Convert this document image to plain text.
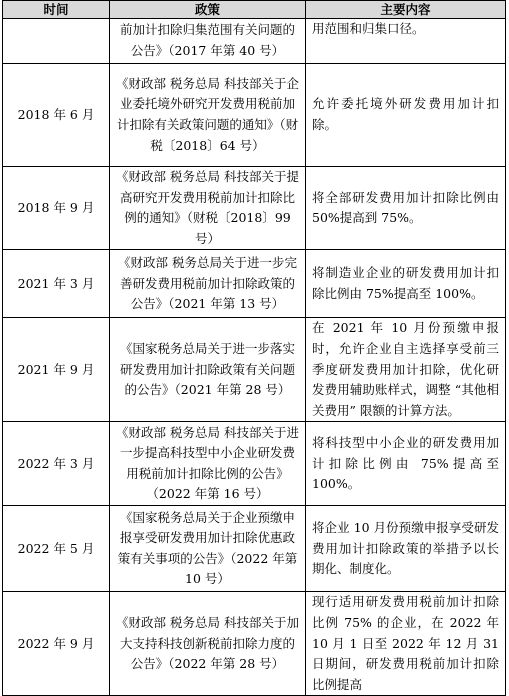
时间	政策	主要内容
	前加计扣除归集范围有关问题的公告》（2017 年第 40 号）	用范围和归集口径。
2018 年 6 月	《财政部 税务总局 科技部关于企业委托境外研究开发费用税前加计扣除有关政策问题的通知》（财税〔2018〕64 号）	允许委托境外研发费用加计扣除。
2018 年 9 月	《财政部 税务总局 科技部关于提高研究开发费用税前加计扣除比例的通知》（财税〔2018〕99 号）	将全部研发费用加计扣除比例由 50%提高到 75%。
2021 年 3 月	《财政部 税务总局关于进一步完善研发费用税前加计扣除政策的公告》（2021 年第 13 号）	将制造业企业的研发费用加计扣除比例由 75%提高至 100%。
2021 年 9 月	《国家税务总局关于进一步落实研发费用加计扣除政策有关问题的公告》（2021 年第 28 号）	在 2021 年 10 月份预缴申报时，允许企业自主选择享受前三季度研发费用加计扣除，优化研发费用辅助账样式，调整 “其他相关费用” 限额的计算方法。
2022 年 3 月	《财政部 税务总局 科技部关于进一步提高科技型中小企业研发费用税前加计扣除比例的公告》（2022 年第 16 号）	将科技型中小企业的研发费用加计扣除比例由 75%提高至 100%。
2022 年 5 月	《国家税务总局关于企业预缴申报享受研发费用加计扣除优惠政策有关事项的公告》（2022 年第 10 号）	将企业 10 月份预缴申报享受研发费用加计扣除政策的举措予以长期化、制度化。
2022 年 9 月	《财政部 税务总局 科技部关于加大支持科技创新税前扣除力度的公告》（2022 年第 28 号）	现行适用研发费用税前加计扣除比例 75% 的企业，在 2022 年 10 月 1 日至 2022 年 12 月 31 日期间，研发费用税前加计扣除比例提高
